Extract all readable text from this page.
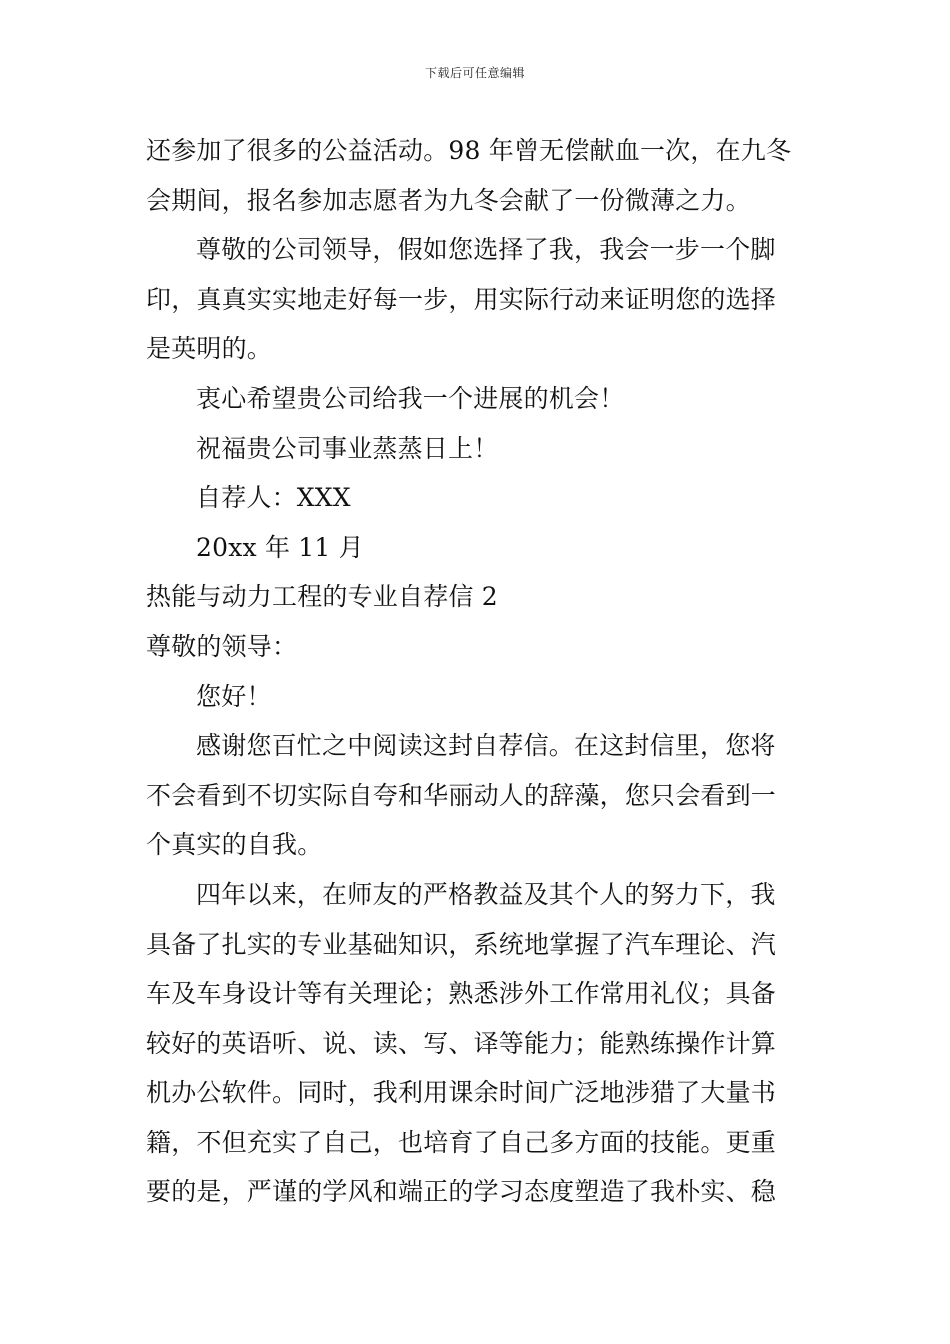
下载后可任意编辑
还参加了很多的公益活动。98 年曾无偿献血一次，在九冬
会期间，报名参加志愿者为九冬会献了一份微薄之力。
尊敬的公司领导，假如您选择了我，我会一步一个脚
印，真真实实地走好每一步，用实际行动来证明您的选择
是英明的。
衷心希望贵公司给我一个进展的机会！
祝福贵公司事业蒸蒸日上！
自荐人：XXX
20xx 年 11 月
热能与动力工程的专业自荐信 2
尊敬的领导：
您好！
感谢您百忙之中阅读这封自荐信。在这封信里，您将
不会看到不切实际自夸和华丽动人的辞藻，您只会看到一
个真实的自我。
四年以来，在师友的严格教益及其个人的努力下，我
具备了扎实的专业基础知识，系统地掌握了汽车理论、汽
车及车身设计等有关理论；熟悉涉外工作常用礼仪；具备
较好的英语听、说、读、写、译等能力；能熟练操作计算
机办公软件。同时，我利用课余时间广泛地涉猎了大量书
籍，不但充实了自己，也培育了自己多方面的技能。更重
要的是，严谨的学风和端正的学习态度塑造了我朴实、稳
